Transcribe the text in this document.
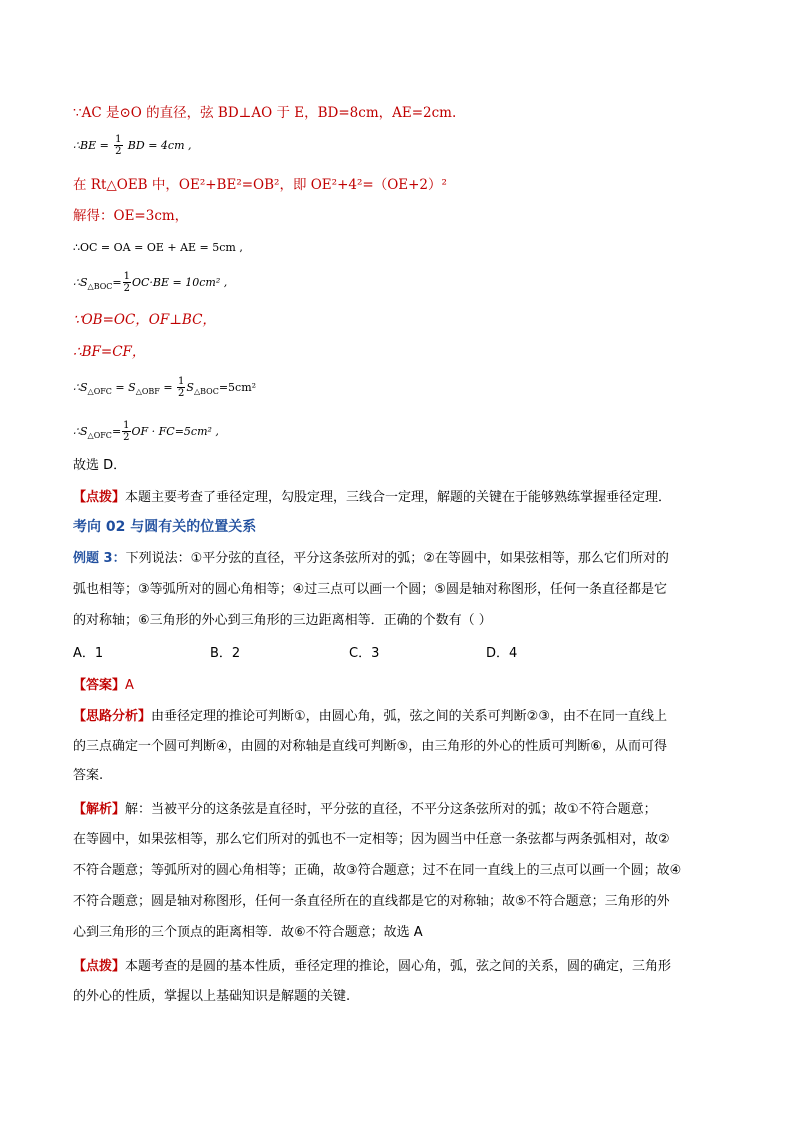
∵AC 是⊙O 的直径，弦 BD⊥AO 于 E，BD=8cm，AE=2cm.
∴BE = $\frac{1}{2}$ BD = 4cm ,
在 Rt△OEB 中，OE²+BE²=OB²，即 OE²+4²=（OE+2）²
解得：OE=3cm，
∴OC = OA = OE + AE = 5cm ,
$\therefore S_{\triangle BOC}= \frac{1}{2} OC\cdot BE = 10cm^2$ ,
∵OB=OC，OF⊥BC，
∴BF=CF，
$\therefore S_{\triangle OFC} = S_{\triangle OBF} = \frac{1}{2} S_{\triangle BOC}=5cm^2$
$\therefore S_{\triangle OFC}= \frac{1}{2}$ OF · FC=5cm² ,
故选 D．
【点拨】本题主要考查了垂径定理，勾股定理，三线合一定理，解题的关键在于能够熟练掌握垂径定理．
考向 02 与圆有关的位置关系
例题 3：下列说法：①平分弦的直径，平分这条弦所对的弧；②在等圆中，如果弦相等，那么它们所对的
弧也相等；③等弧所对的圆心角相等；④过三点可以画一个圆；⑤圆是轴对称图形，任何一条直径都是它
的对称轴；⑥三角形的外心到三角形的三边距离相等．正确的个数有（ ）
A．1	B．2	C．3	D．4
【答案】A
【思路分析】由垂径定理的推论可判断①，由圆心角，弧，弦之间的关系可判断②③，由不在同一直线上
的三点确定一个圆可判断④，由圆的对称轴是直线可判断⑤，由三角形的外心的性质可判断⑥，从而可得
答案.
【解析】解：当被平分的这条弦是直径时，平分弦的直径，不平分这条弦所对的弧；故①不符合题意；
在等圆中，如果弦相等，那么它们所对的弧也不一定相等；因为圆当中任意一条弦都与两条弧相对，故②
不符合题意；等弧所对的圆心角相等；正确，故③符合题意；过不在同一直线上的三点可以画一个圆；故④
不符合题意；圆是轴对称图形，任何一条直径所在的直线都是它的对称轴；故⑤不符合题意；三角形的外
心到三角形的三个顶点的距离相等．故⑥不符合题意；故选 A
【点拨】本题考查的是圆的基本性质，垂径定理的推论，圆心角，弧，弦之间的关系，圆的确定，三角形
的外心的性质，掌握以上基础知识是解题的关键.
